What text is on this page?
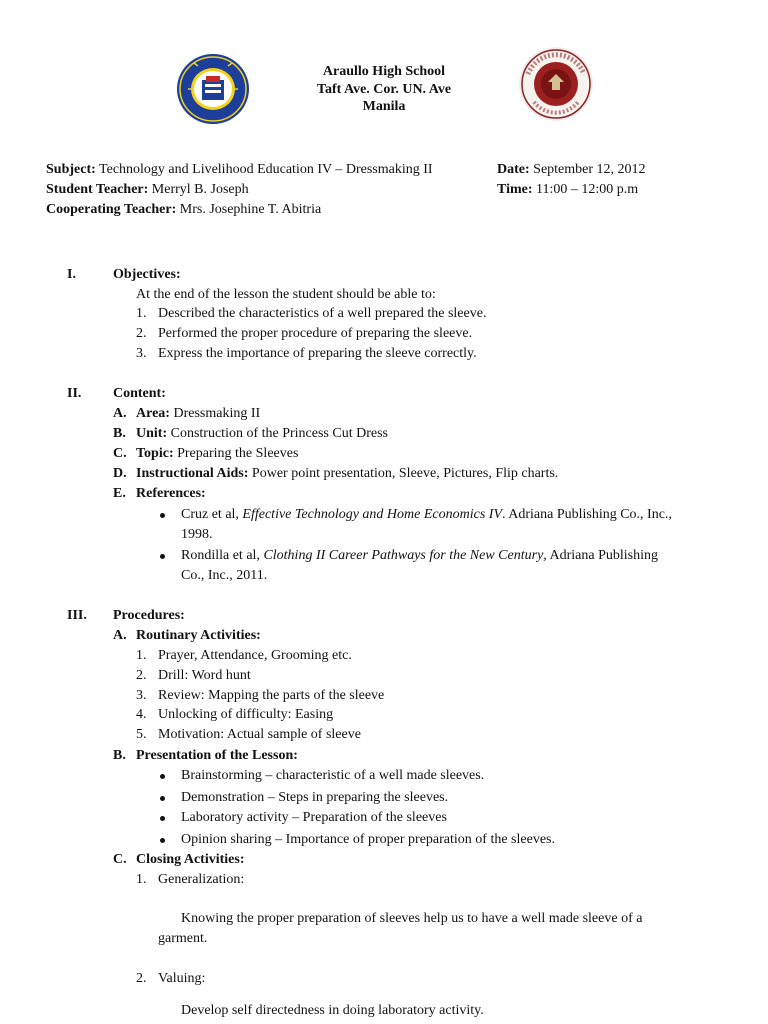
Araullo High School
Taft Ave. Cor. UN. Ave
Manila
Subject: Technology and Livelihood Education IV – Dressmaking II
Student Teacher: Merryl B. Joseph
Cooperating Teacher: Mrs. Josephine T. Abitria
Date: September 12, 2012
Time: 11:00 – 12:00 p.m
I.	Objectives:
At the end of the lesson the student should be able to:
1. Described the characteristics of a well prepared the sleeve.
2. Performed the proper procedure of preparing the sleeve.
3. Express the importance of preparing the sleeve correctly.
II. Content:
A. Area: Dressmaking II
B. Unit: Construction of the Princess Cut Dress
C. Topic: Preparing the Sleeves
D. Instructional Aids: Power point presentation, Sleeve, Pictures, Flip charts.
E. References:
Cruz et al, Effective Technology and Home Economics IV. Adriana Publishing Co., Inc.,
1998.
Rondilla et al, Clothing II Career Pathways for the New Century, Adriana Publishing
Co., Inc., 2011.
III. Procedures:
A. Routinary Activities:
1. Prayer, Attendance, Grooming etc.
2. Drill: Word hunt
3. Review: Mapping the parts of the sleeve
4. Unlocking of difficulty: Easing
5. Motivation: Actual sample of sleeve
B. Presentation of the Lesson:
Brainstorming – characteristic of a well made sleeves.
Demonstration – Steps in preparing the sleeves.
Laboratory activity – Preparation of the sleeves
Opinion sharing – Importance of proper preparation of the sleeves.
C. Closing Activities:
1. Generalization:
Knowing the proper preparation of sleeves help us to have a well made sleeve of a
garment.
2. Valuing:
Develop self directedness in doing laboratory activity.
